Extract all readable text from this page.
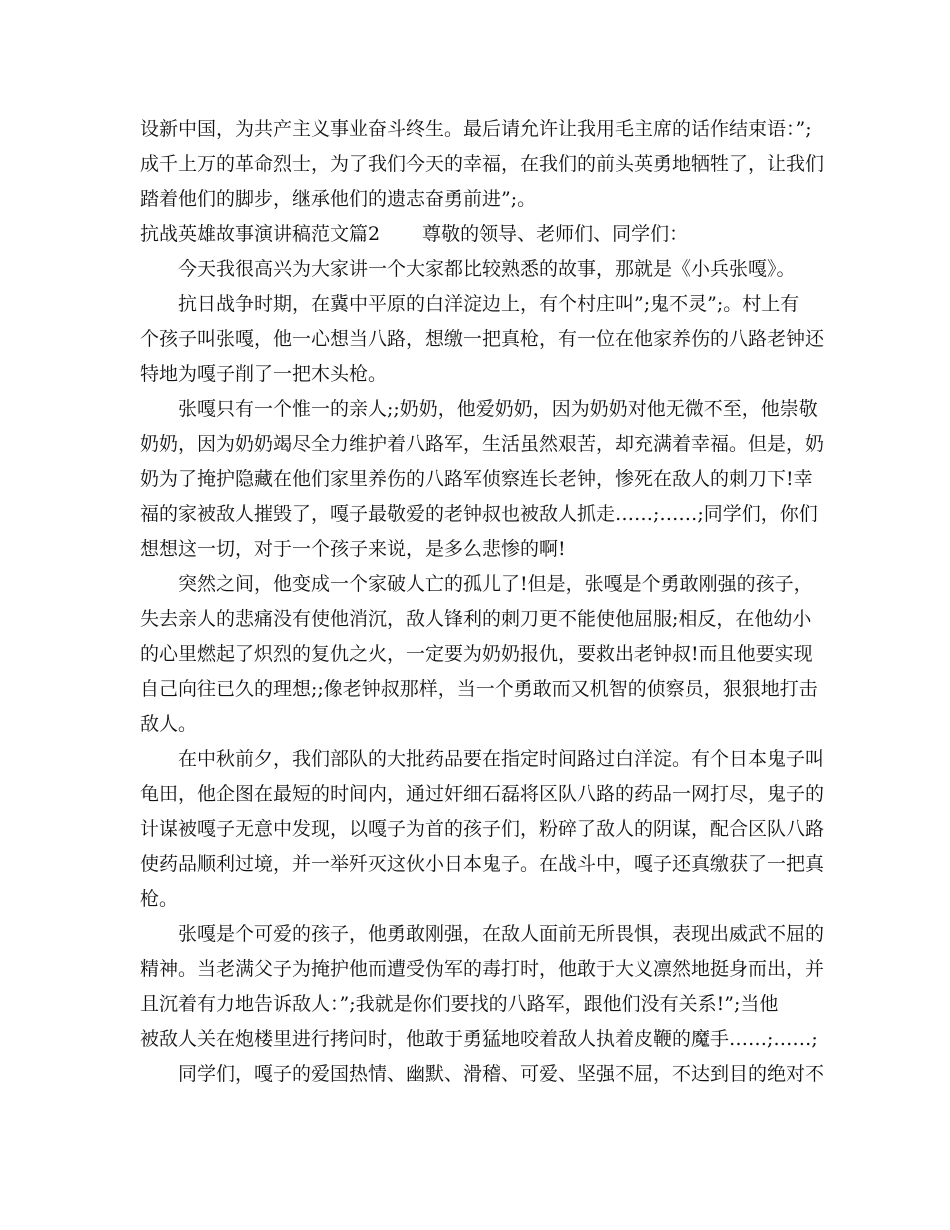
设新中国，为共产主义事业奋斗终生。最后请允许让我用毛主席的话作结束语：”;
成千上万的革命烈士，为了我们今天的幸福，在我们的前头英勇地牺牲了，让我们
踏着他们的脚步，继承他们的遗志奋勇前进”;。

抗战英雄故事演讲稿范文篇2 尊敬的领导、老师们、同学们：

今天我很高兴为大家讲一个大家都比较熟悉的故事，那就是《小兵张嘎》。
抗日战争时期，在冀中平原的白洋淀边上，有个村庄叫”;鬼不灵”;。村上有
个孩子叫张嘎，他一心想当八路，想缴一把真枪，有一位在他家养伤的八路老钟还
特地为嘎子削了一把木头枪。
张嘎只有一个惟一的亲人;;奶奶，他爱奶奶，因为奶奶对他无微不至，他崇敬
奶奶，因为奶奶竭尽全力维护着八路军，生活虽然艰苦，却充满着幸福。但是，奶
奶为了掩护隐藏在他们家里养伤的八路军侦察连长老钟，惨死在敌人的刺刀下!幸
福的家被敌人摧毁了，嘎子最敬爱的老钟叔也被敌人抓走……;……;同学们，你们
想想这一切，对于一个孩子来说，是多么悲惨的啊!
突然之间，他变成一个家破人亡的孤儿了!但是，张嘎是个勇敢刚强的孩子，
失去亲人的悲痛没有使他消沉，敌人锋利的刺刀更不能使他屈服;相反，在他幼小
的心里燃起了炽烈的复仇之火，一定要为奶奶报仇，要救出老钟叔!而且他要实现
自己向往已久的理想;;像老钟叔那样，当一个勇敢而又机智的侦察员，狠狠地打击
敌人。
在中秋前夕，我们部队的大批药品要在指定时间路过白洋淀。有个日本鬼子叫
龟田，他企图在最短的时间内，通过奸细石磊将区队八路的药品一网打尽，鬼子的
计谋被嘎子无意中发现，以嘎子为首的孩子们，粉碎了敌人的阴谋，配合区队八路
使药品顺利过境，并一举歼灭这伙小日本鬼子。在战斗中，嘎子还真缴获了一把真
枪。
张嘎是个可爱的孩子，他勇敢刚强，在敌人面前无所畏惧，表现出威武不屈的
精神。当老满父子为掩护他而遭受伪军的毒打时，他敢于大义凛然地挺身而出，并
且沉着有力地告诉敌人：”;我就是你们要找的八路军，跟他们没有关系!”;当他
被敌人关在炮楼里进行拷问时，他敢于勇猛地咬着敌人执着皮鞭的魔手……;……;
同学们，嘎子的爱国热情、幽默、滑稽、可爱、坚强不屈，不达到目的绝对不
